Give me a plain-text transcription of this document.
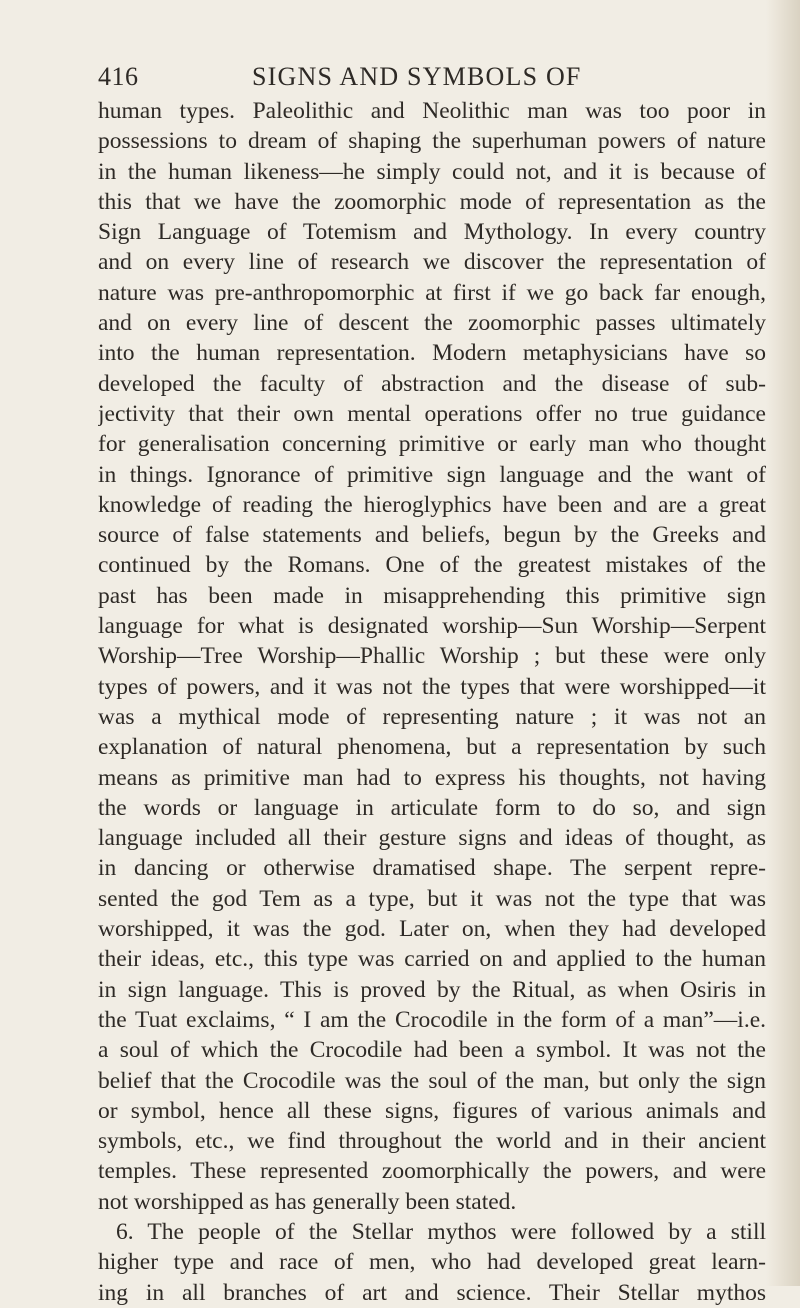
416	SIGNS AND SYMBOLS OF
human types. Paleolithic and Neolithic man was too poor in
possessions to dream of shaping the superhuman powers of nature
in the human likeness—he simply could not, and it is because of
this that we have the zoomorphic mode of representation as the
Sign Language of Totemism and Mythology. In every country
and on every line of research we discover the representation of
nature was pre-anthropomorphic at first if we go back far enough,
and on every line of descent the zoomorphic passes ultimately
into the human representation. Modern metaphysicians have so
developed the faculty of abstraction and the disease of sub-
jectivity that their own mental operations offer no true guidance
for generalisation concerning primitive or early man who thought
in things. Ignorance of primitive sign language and the want of
knowledge of reading the hieroglyphics have been and are a great
source of false statements and beliefs, begun by the Greeks and
continued by the Romans. One of the greatest mistakes of the
past has been made in misapprehending this primitive sign
language for what is designated worship—Sun Worship—Serpent
Worship—Tree Worship—Phallic Worship ; but these were only
types of powers, and it was not the types that were worshipped—it
was a mythical mode of representing nature ; it was not an
explanation of natural phenomena, but a representation by such
means as primitive man had to express his thoughts, not having
the words or language in articulate form to do so, and sign
language included all their gesture signs and ideas of thought, as
in dancing or otherwise dramatised shape. The serpent repre-
sented the god Tem as a type, but it was not the type that was
worshipped, it was the god. Later on, when they had developed
their ideas, etc., this type was carried on and applied to the human
in sign language. This is proved by the Ritual, as when Osiris in
the Tuat exclaims, “ I am the Crocodile in the form of a man”—i.e.
a soul of which the Crocodile had been a symbol. It was not the
belief that the Crocodile was the soul of the man, but only the sign
or symbol, hence all these signs, figures of various animals and
symbols, etc., we find throughout the world and in their ancient
temples. These represented zoomorphically the powers, and were
not worshipped as has generally been stated.
6. The people of the Stellar mythos were followed by a still
higher type and race of men, who had developed great learn-
ing in all branches of art and science. Their Stellar mythos
